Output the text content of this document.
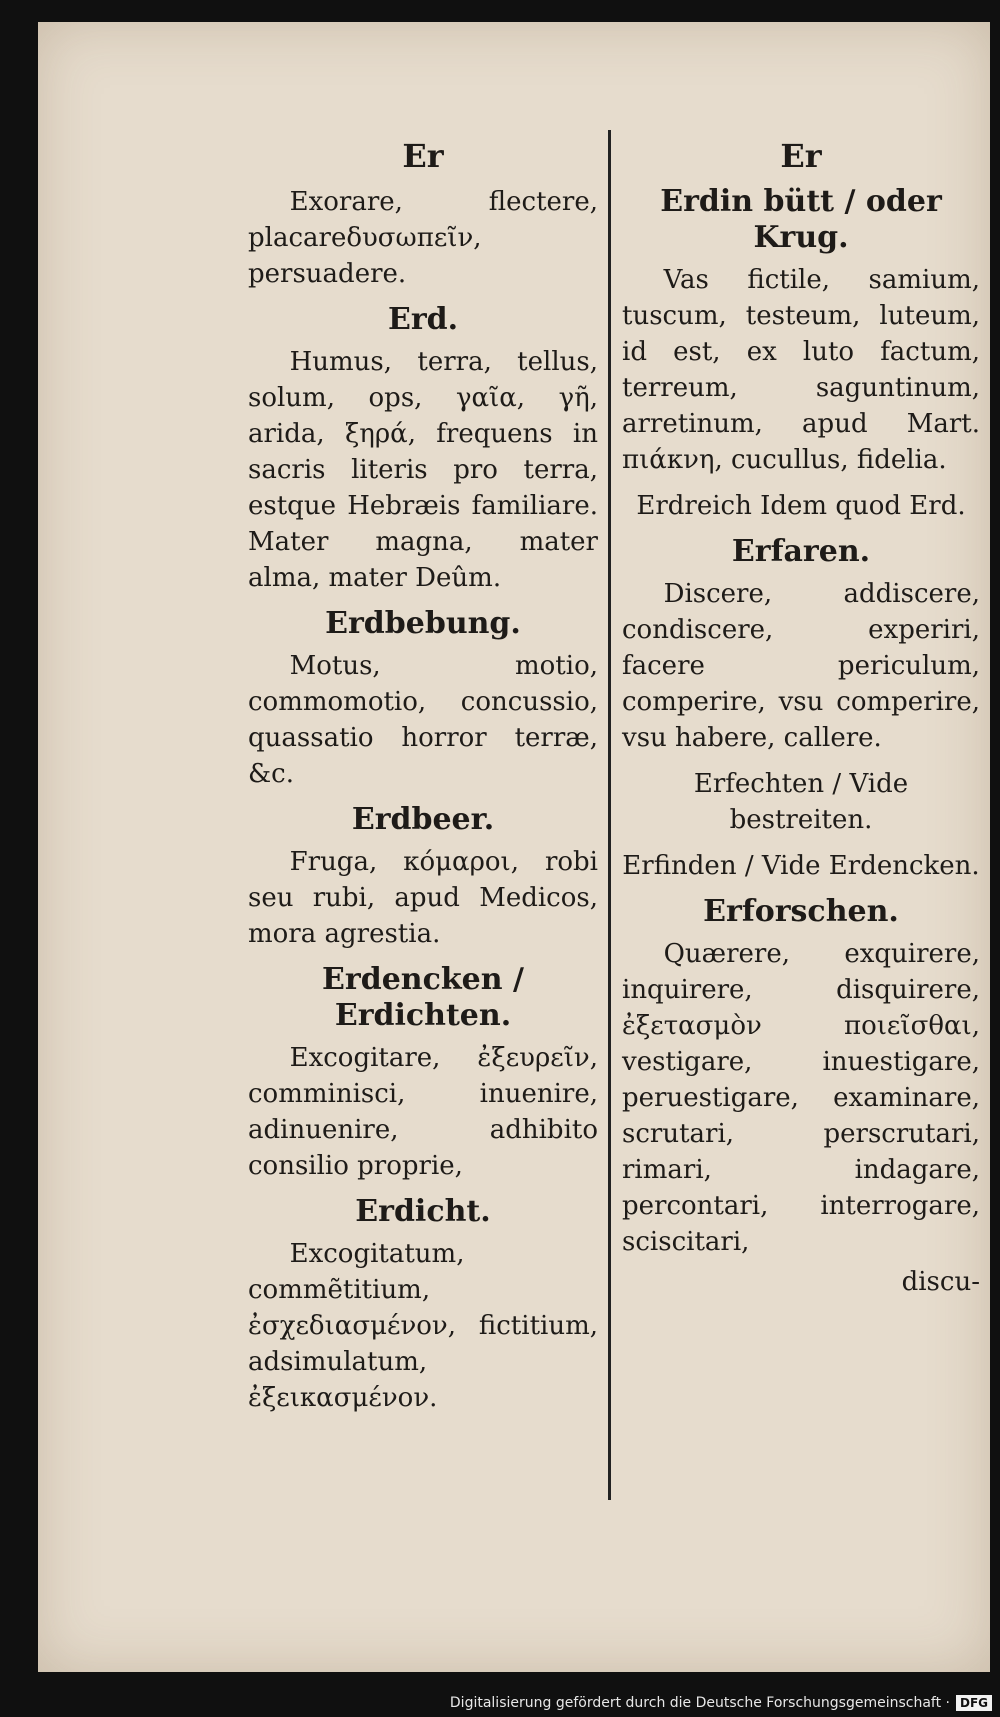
Er

Exorare, flectere, placareδυσωπεῖν, persuadere.

Erd.

Humus, terra, tellus, solum, ops, γαῖα, γῆ, arida, ξηρά, frequens in sacris literis pro terra, estque Hebræis familiare. Mater magna, mater alma, mater Deûm.

Erdbebung.

Motus, motio, commomotio, concussio, quassatio horror terræ, &c.

Erdbeer.

Fruga, κόμαροι, robi seu rubi, apud Medicos, mora agrestia.

Erdencken / Erdichten.

Excogitare, ἐξευρεῖν, comminisci, inuenire, adinuenire, adhibito consilio proprie,

Erdicht.

Excogitatum, commẽtitium, ἐσχεδιασμένον, fictitium, adsimulatum, ἐξεικασμένον.

Er
Erdin bütt / oder Krug.

Vas fictile, samium, tuscum, testeum, luteum, id est, ex luto factum, terreum, saguntinum, arretinum, apud Mart. πιάκνη, cucullus, fidelia.

Erdreich Idem quod Erd.

Erfaren.

Discere, addiscere, condiscere, experiri, facere periculum, comperire, vsu comperire, vsu habere, callere.

Erfechten / Vide bestreiten.

Erfinden / Vide Erdencken.

Erforschen.

Quærere, exquirere, inquirere, disquirere, ἐξετασμὸν ποιεῖσθαι, vestigare, inuestigare, peruestigare, examinare, scrutari, perscrutari, rimari, indagare, percontari, interrogare, sciscitari,

discu-
Digitalisierung gefördert durch die Deutsche Forschungsgemeinschaft · DFG
